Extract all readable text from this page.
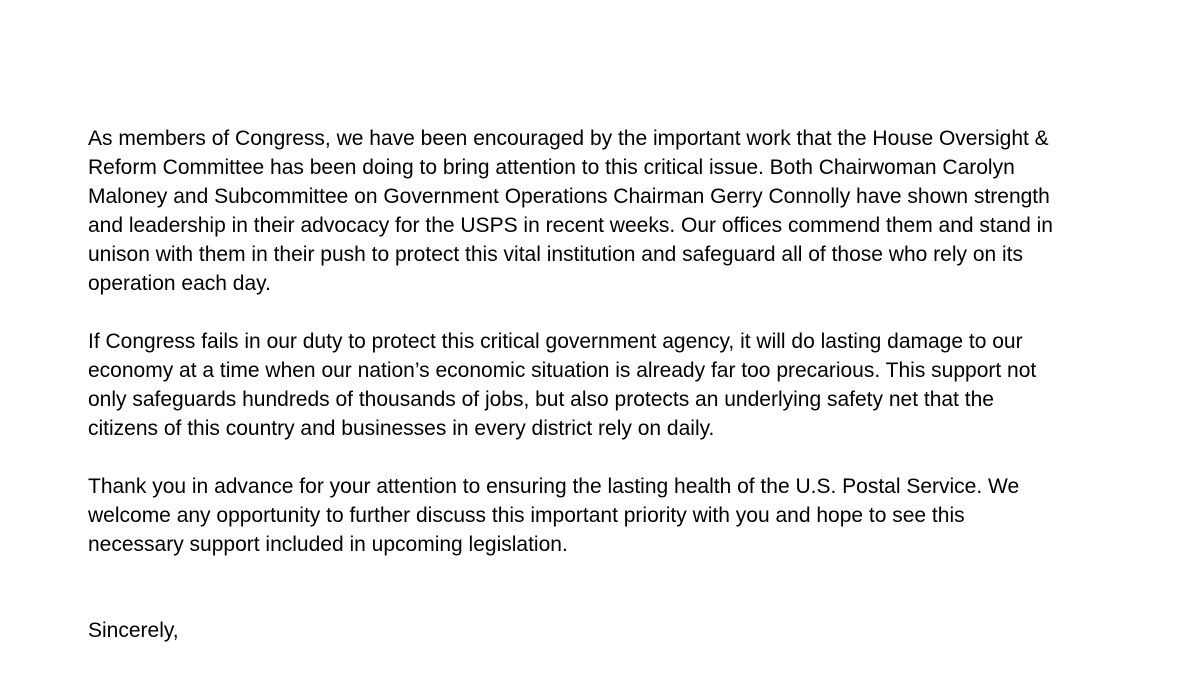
As members of Congress, we have been encouraged by the important work that the House Oversight &
Reform Committee has been doing to bring attention to this critical issue. Both Chairwoman Carolyn
Maloney and Subcommittee on Government Operations Chairman Gerry Connolly have shown strength
and leadership in their advocacy for the USPS in recent weeks. Our offices commend them and stand in
unison with them in their push to protect this vital institution and safeguard all of those who rely on its
operation each day.

If Congress fails in our duty to protect this critical government agency, it will do lasting damage to our
economy at a time when our nation’s economic situation is already far too precarious. This support not
only safeguards hundreds of thousands of jobs, but also protects an underlying safety net that the
citizens of this country and businesses in every district rely on daily.

Thank you in advance for your attention to ensuring the lasting health of the U.S. Postal Service. We
welcome any opportunity to further discuss this important priority with you and hope to see this
necessary support included in upcoming legislation.

Sincerely,
